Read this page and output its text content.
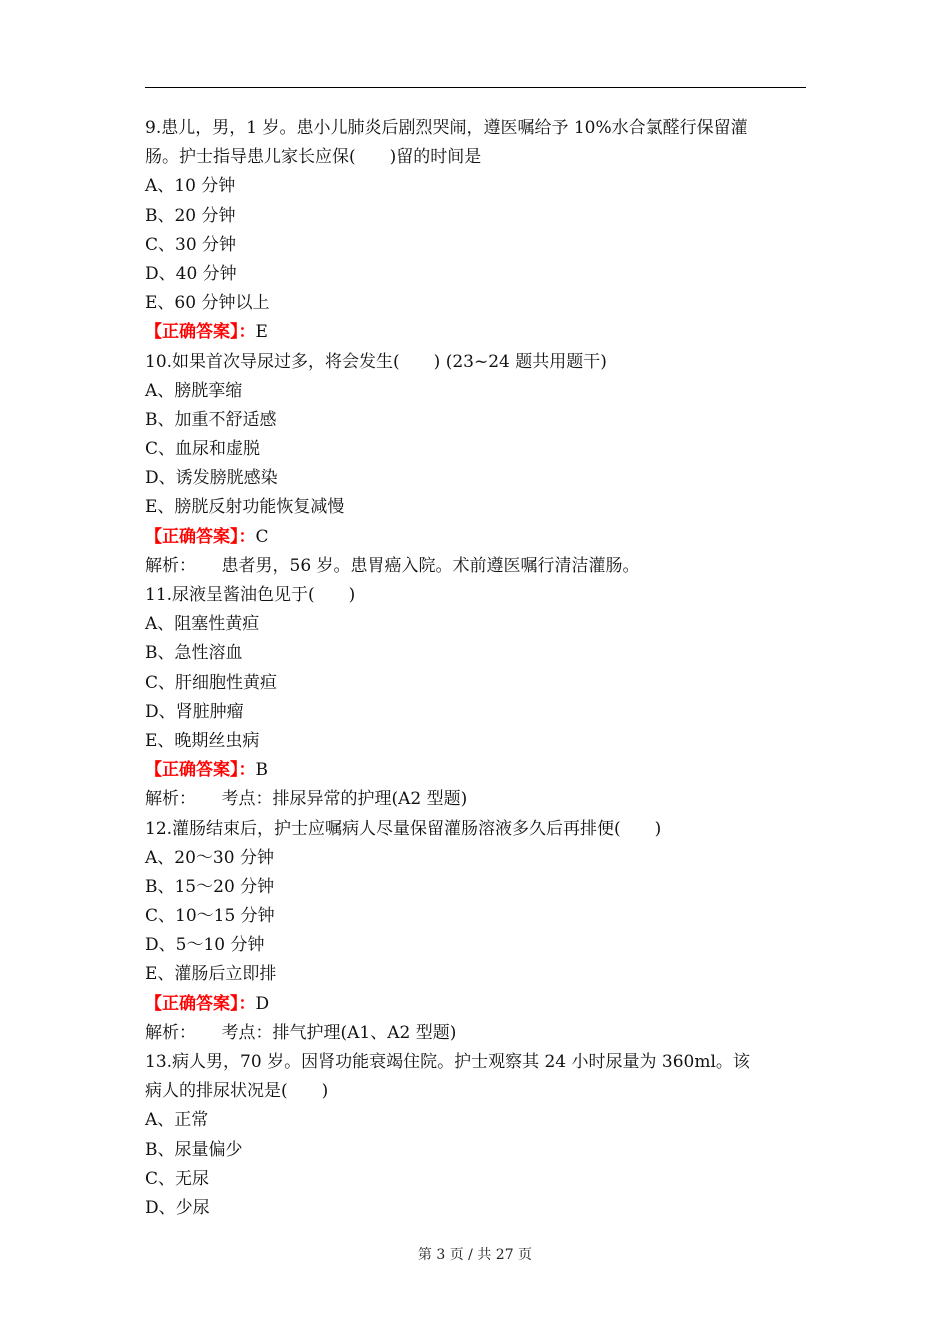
9.患儿，男，1 岁。患小儿肺炎后剧烈哭闹，遵医嘱给予 10%水合氯醛行保留灌
肠。护士指导患儿家长应保(　　)留的时间是
A、10 分钟
B、20 分钟
C、30 分钟
D、40 分钟
E、60 分钟以上
【正确答案】：E
10.如果首次导尿过多，将会发生(　　) (23~24 题共用题干)
A、膀胱挛缩
B、加重不舒适感
C、血尿和虚脱
D、诱发膀胱感染
E、膀胱反射功能恢复减慢
【正确答案】：C
解析：　　患者男，56 岁。患胃癌入院。术前遵医嘱行清洁灌肠。
11.尿液呈酱油色见于(　　)
A、阻塞性黄疸
B、急性溶血
C、肝细胞性黄疸
D、肾脏肿瘤
E、晚期丝虫病
【正确答案】：B
解析：　　考点：排尿异常的护理(A2 型题)
12.灌肠结束后，护士应嘱病人尽量保留灌肠溶液多久后再排便(　　)
A、20～30 分钟
B、15～20 分钟
C、10～15 分钟
D、5～10 分钟
E、灌肠后立即排
【正确答案】：D
解析：　　考点：排气护理(A1、A2 型题)
13.病人男，70 岁。因肾功能衰竭住院。护士观察其 24 小时尿量为 360ml。该
病人的排尿状况是(　　)
A、正常
B、尿量偏少
C、无尿
D、少尿
第 3 页 / 共 27 页
